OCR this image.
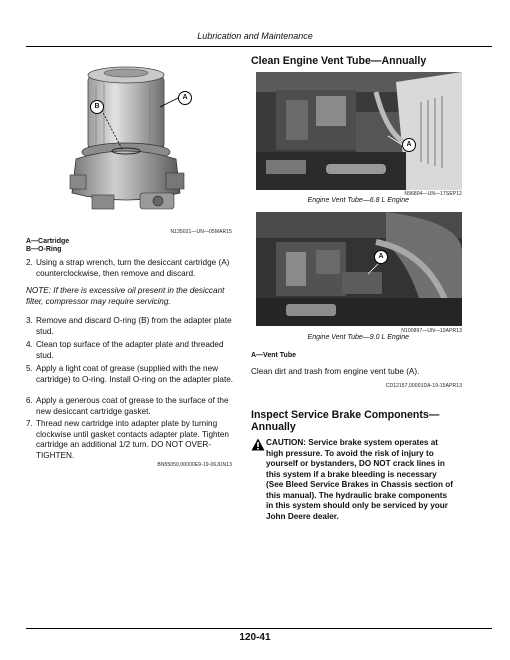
Lubrication and Maintenance
B
A
N135021—UN—05MAR15
A—Cartridge
B—O-Ring
2. Using a strap wrench, turn the desiccant cartridge (A) counterclockwise, then remove and discard.
NOTE: If there is excessive oil present in the desiccant filter, compressor may require servicing.
3. Remove and discard O-ring (B) from the adapter plate stud.
4. Clean top surface of the adapter plate and threaded stud.
5. Apply a light coat of grease (supplied with the new cartridge) to O-ring. Install O-ring on the adapter plate.
6. Apply a generous coat of grease to the surface of the new desiccant cartridge gasket.
7. Thread new cartridge into adapter plate by turning clockwise until gasket contacts adapter plate. Tighten cartridge an additional 1/2 turn. DO NOT OVER-TIGHTEN.
BN55050,00000E9-19-06JUN13
Clean Engine Vent Tube—Annually
A
N96804—UN—17SEP12
Engine Vent Tube—6.8 L Engine
A
N100897—UN—10APR13
Engine Vent Tube—9.0 L Engine
A—Vent Tube
Clean dirt and trash from engine vent tube (A).
CD12157,00001DA-19-15APR13
Inspect Service Brake Components—
Annually
CAUTION: Service brake system operates at
high pressure. To avoid the risk of injury to
yourself or bystanders, DO NOT crack lines in
this system if a brake bleeding is necessary
(See Bleed Service Brakes in Chassis section of
this manual). The hydraulic brake components
in this system should only be serviced by your
John Deere dealer.
120-41
